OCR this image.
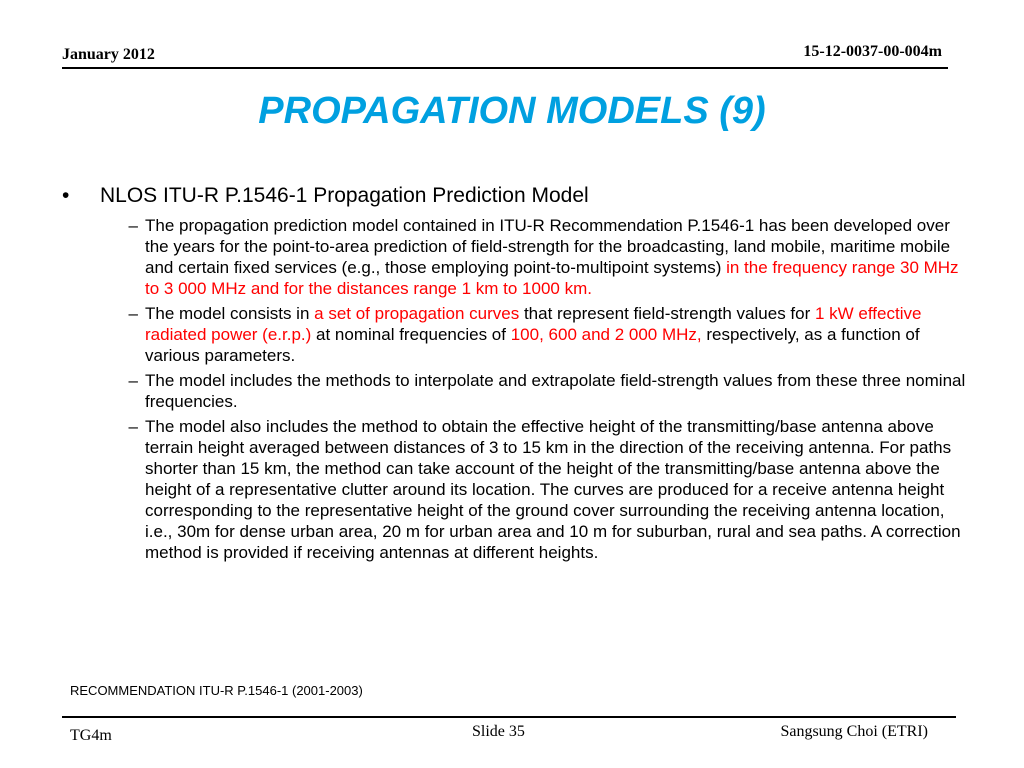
January 2012	15-12-0037-00-004m
PROPAGATION MODELS (9)
•	NLOS ITU-R P.1546-1 Propagation Prediction Model
– The propagation prediction model contained in ITU-R Recommendation P.1546-1 has been developed over the years for the point-to-area prediction of field-strength for the broadcasting, land mobile, maritime mobile and certain fixed services (e.g., those employing point-to-multipoint systems) in the frequency range 30 MHz to 3 000 MHz and for the distances range 1 km to 1000 km.
– The model consists in a set of propagation curves that represent field-strength values for 1 kW effective radiated power (e.r.p.) at nominal frequencies of 100, 600 and 2 000 MHz, respectively, as a function of various parameters.
– The model includes the methods to interpolate and extrapolate field-strength values from these three nominal frequencies.
– The model also includes the method to obtain the effective height of the transmitting/base antenna above terrain height averaged between distances of 3 to 15 km in the direction of the receiving antenna. For paths shorter than 15 km, the method can take account of the height of the transmitting/base antenna above the height of a representative clutter around its location. The curves are produced for a receive antenna height corresponding to the representative height of the ground cover surrounding the receiving antenna location, i.e., 30m for dense urban area, 20 m for urban area and 10 m for suburban, rural and sea paths. A correction method is provided if receiving antennas at different heights.
RECOMMENDATION ITU-R P.1546-1 (2001-2003)
TG4m	Slide 35	Sangsung Choi (ETRI)
